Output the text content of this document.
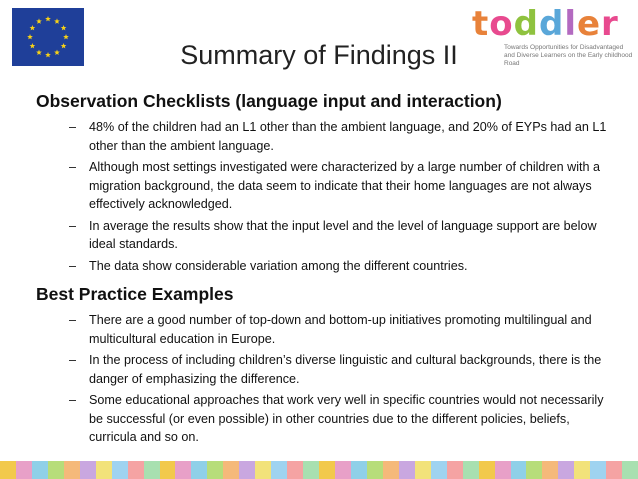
toddler
Towards Opportunities for Disadvantaged and Diverse Learners on the Early childhood Road
Summary of Findings II
Observation Checklists (language input and interaction)
– 48% of the children had an L1 other than the ambient language, and 20% of EYPs had an L1 other than the ambient language.
– Although most settings investigated were characterized by a large number of children with a migration background, the data seem to indicate that their home languages are not always effectively acknowledged.
– In average the results show that the input level and the level of language support are below ideal standards.
– The data show considerable variation among the different countries.
Best Practice Examples
– There are a good number of top-down and bottom-up initiatives promoting multilingual and multicultural education in Europe.
– In the process of including children’s diverse linguistic and cultural backgrounds, there is the danger of emphasizing the difference.
– Some educational approaches that work very well in specific countries would not necessarily be successful (or even possible) in other countries due to the different policies, beliefs, curricula and so on.
